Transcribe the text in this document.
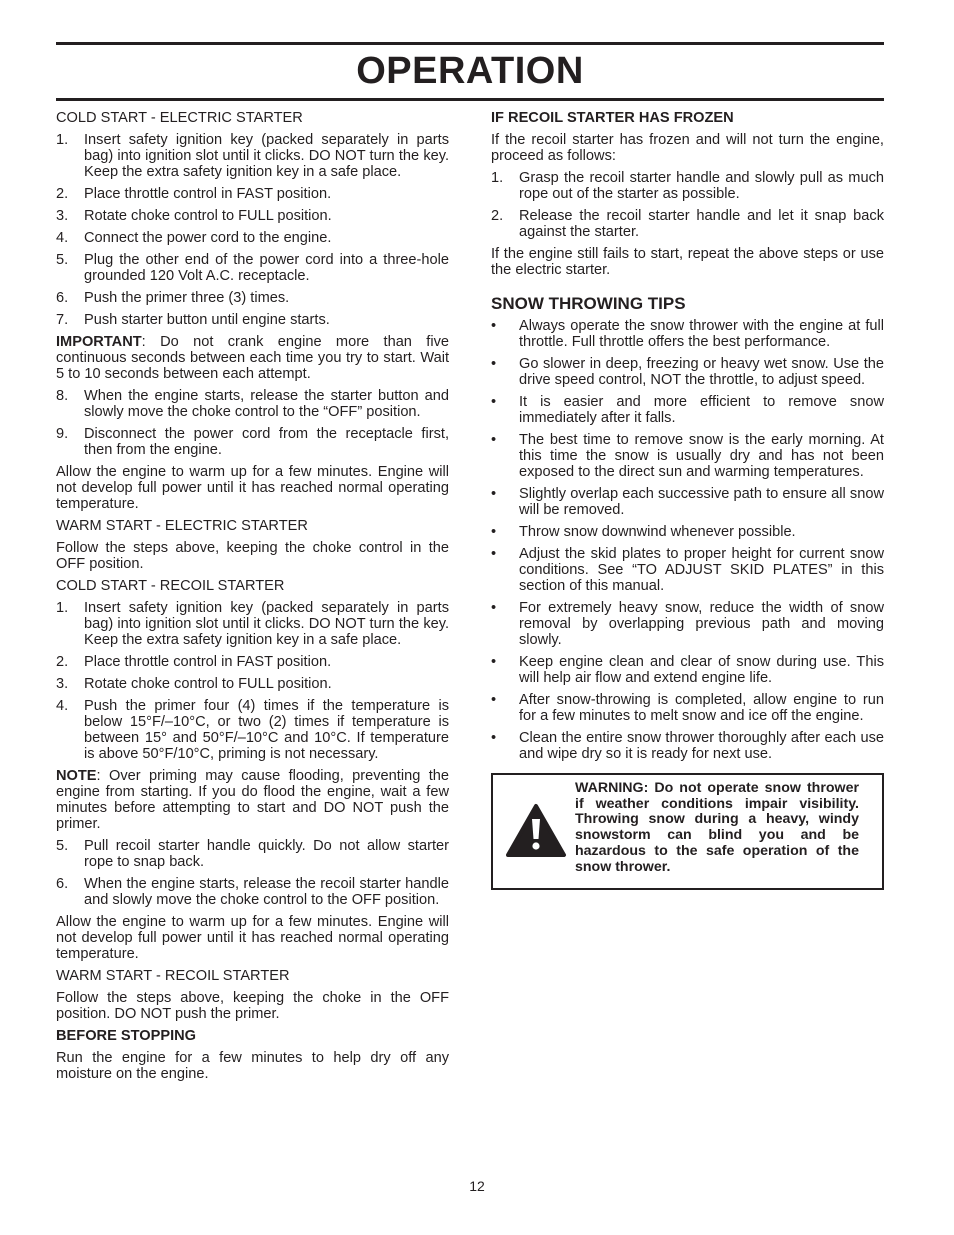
OPERATION
COLD START - ELECTRIC STARTER
1. Insert safety ignition key (packed separately in parts bag) into ignition slot until it clicks. DO NOT turn the key. Keep the extra safety ignition key in a safe place.
2. Place throttle control in FAST position.
3. Rotate choke control to FULL position.
4. Connect the power cord to the engine.
5. Plug the other end of the power cord into a three-hole grounded 120 Volt A.C. receptacle.
6. Push the primer three (3) times.
7. Push starter button until engine starts.
IMPORTANT: Do not crank engine more than five continuous seconds between each time you try to start. Wait 5 to 10 seconds between each attempt.
8. When the engine starts, release the starter button and slowly move the choke control to the “OFF” position.
9. Disconnect the power cord from the receptacle first, then from the engine.
Allow the engine to warm up for a few minutes. Engine will not develop full power until it has reached normal operating temperature.
WARM START - ELECTRIC STARTER
Follow the steps above, keeping the choke control in the OFF position.
COLD START - RECOIL STARTER
1. Insert safety ignition key (packed separately in parts bag) into ignition slot until it clicks. DO NOT turn the key. Keep the extra safety ignition key in a safe place.
2. Place throttle control in FAST position.
3. Rotate choke control to FULL position.
4. Push the primer four (4) times if the temperature is below 15°F/–10°C, or two (2) times if temperature is between 15° and 50°F/–10°C and 10°C. If temperature is above 50°F/10°C, priming is not necessary.
NOTE: Over priming may cause flooding, preventing the engine from starting. If you do flood the engine, wait a few minutes before attempting to start and DO NOT push the primer.
5. Pull recoil starter handle quickly. Do not allow starter rope to snap back.
6. When the engine starts, release the recoil starter handle and slowly move the choke control to the OFF position.
Allow the engine to warm up for a few minutes. Engine will not develop full power until it has reached normal operating temperature.
WARM START - RECOIL STARTER
Follow the steps above, keeping the choke in the OFF position. DO NOT push the primer.
BEFORE STOPPING
Run the engine for a few minutes to help dry off any moisture on the engine.
IF RECOIL STARTER HAS FROZEN
If the recoil starter has frozen and will not turn the engine, proceed as follows:
1. Grasp the recoil starter handle and slowly pull as much rope out of the starter as possible.
2. Release the recoil starter handle and let it snap back against the starter.
If the engine still fails to start, repeat the above steps or use the electric starter.
SNOW THROWING TIPS
• Always operate the snow thrower with the engine at full throttle. Full throttle offers the best performance.
• Go slower in deep, freezing or heavy wet snow. Use the drive speed control, NOT the throttle, to adjust speed.
• It is easier and more efficient to remove snow immediately after it falls.
• The best time to remove snow is the early morning. At this time the snow is usually dry and has not been exposed to the direct sun and warming temperatures.
• Slightly overlap each successive path to ensure all snow will be removed.
• Throw snow downwind whenever possible.
• Adjust the skid plates to proper height for current snow conditions. See “TO ADJUST SKID PLATES” in this section of this manual.
• For extremely heavy snow, reduce the width of snow removal by overlapping previous path and moving slowly.
• Keep engine clean and clear of snow during use. This will help air flow and extend engine life.
• After snow-throwing is completed, allow engine to run for a few minutes to melt snow and ice off the engine.
• Clean the entire snow thrower thoroughly after each use and wipe dry so it is ready for next use.
WARNING: Do not operate snow thrower if weather conditions impair visibility. Throwing snow during a heavy, windy snowstorm can blind you and be hazardous to the safe operation of the snow thrower.
12
